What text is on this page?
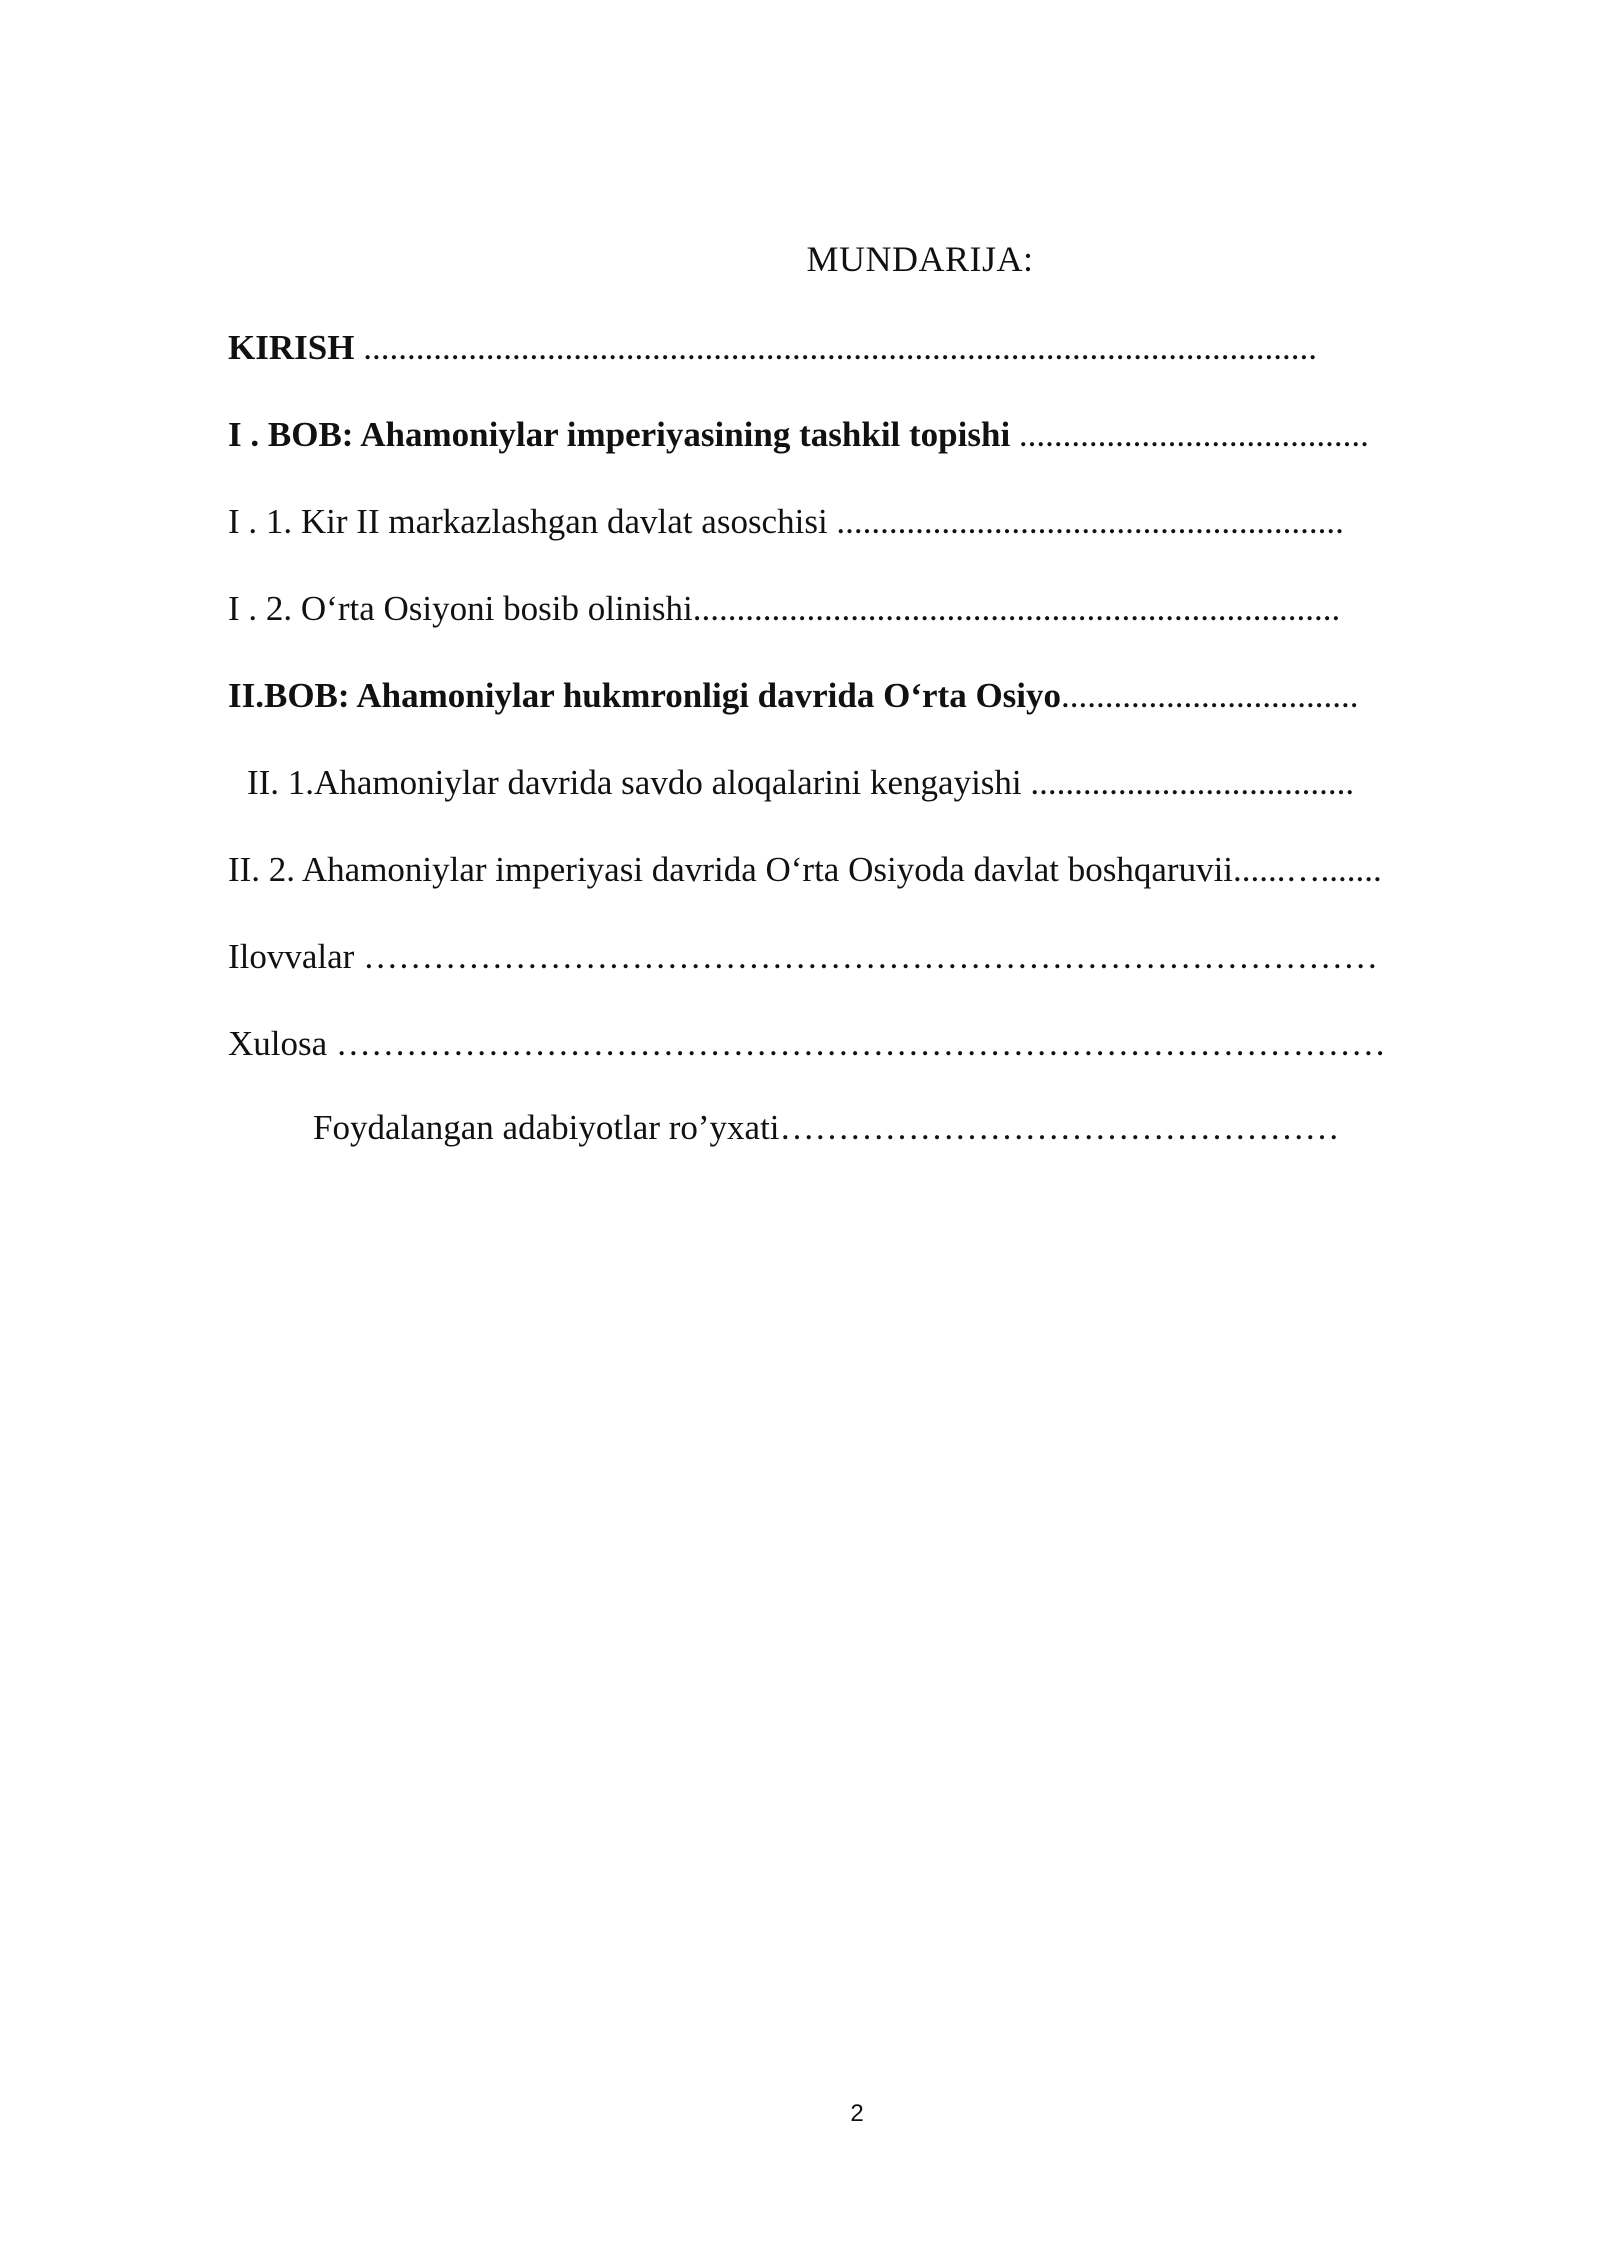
MUNDARIJA:
KIRISH .............................................................................................................
I . BOB: Ahamoniylar imperiyasining tashkil topishi ........................................
I . 1. Kir II markazlashgan davlat asoschisi ..........................................................
I . 2. O‘rta Osiyoni bosib olinishi..........................................................................
II.BOB: Ahamoniylar hukmronligi davrida O‘rta Osiyo..................................
II. 1.Ahamoniylar davrida savdo aloqalarini kengayishi .....................................
II. 2. Ahamoniylar imperiyasi davrida O‘rta Osiyoda davlat boshqaruvii......….......
Ilovvalar ……………………………………………………………………………
Xulosa ………………………………………………………………………………
Foydalangan adabiyotlar ro’yxati…………………………………………
2
